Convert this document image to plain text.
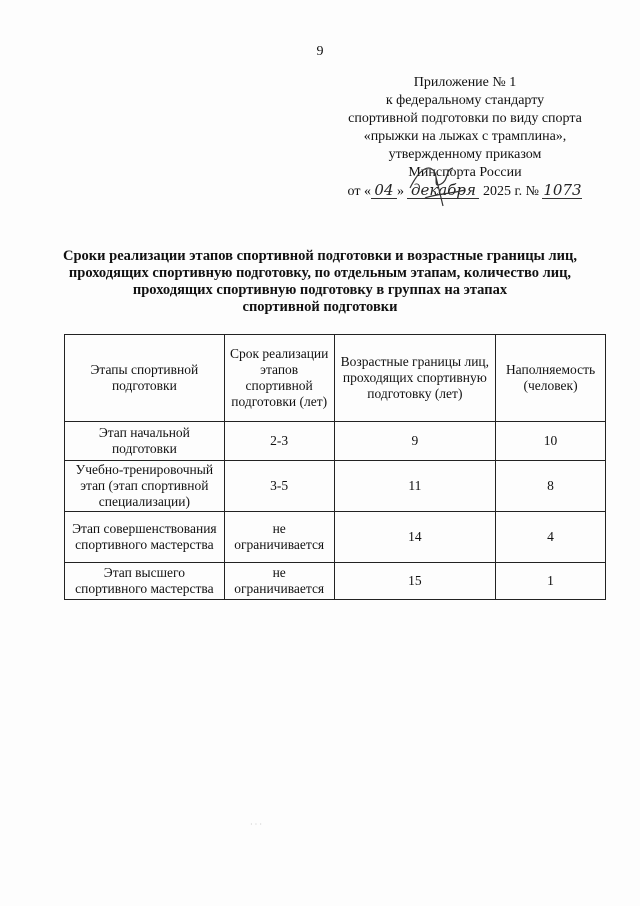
9
Приложение № 1
к федеральному стандарту
спортивной подготовки по виду спорта
«прыжки на лыжах с трамплина»,
утвержденному приказом
Минспорта России
от « 04 » декабря 2025 г. № 1073
Сроки реализации этапов спортивной подготовки и возрастные границы лиц,
проходящих спортивную подготовку, по отдельным этапам, количество лиц,
проходящих спортивную подготовку в группах на этапах
спортивной подготовки
Этапы спортивной подготовки	Срок реализации этапов спортивной подготовки (лет)	Возрастные границы лиц, проходящих спортивную подготовку (лет)	Наполняемость (человек)
Этап начальной подготовки	2-3	9	10
Учебно-тренировочный этап (этап спортивной специализации)	3-5	11	8
Этап совершенствования спортивного мастерства	не ограничивается	14	4
Этап высшего спортивного мастерства	не ограничивается	15	1
· · ·
